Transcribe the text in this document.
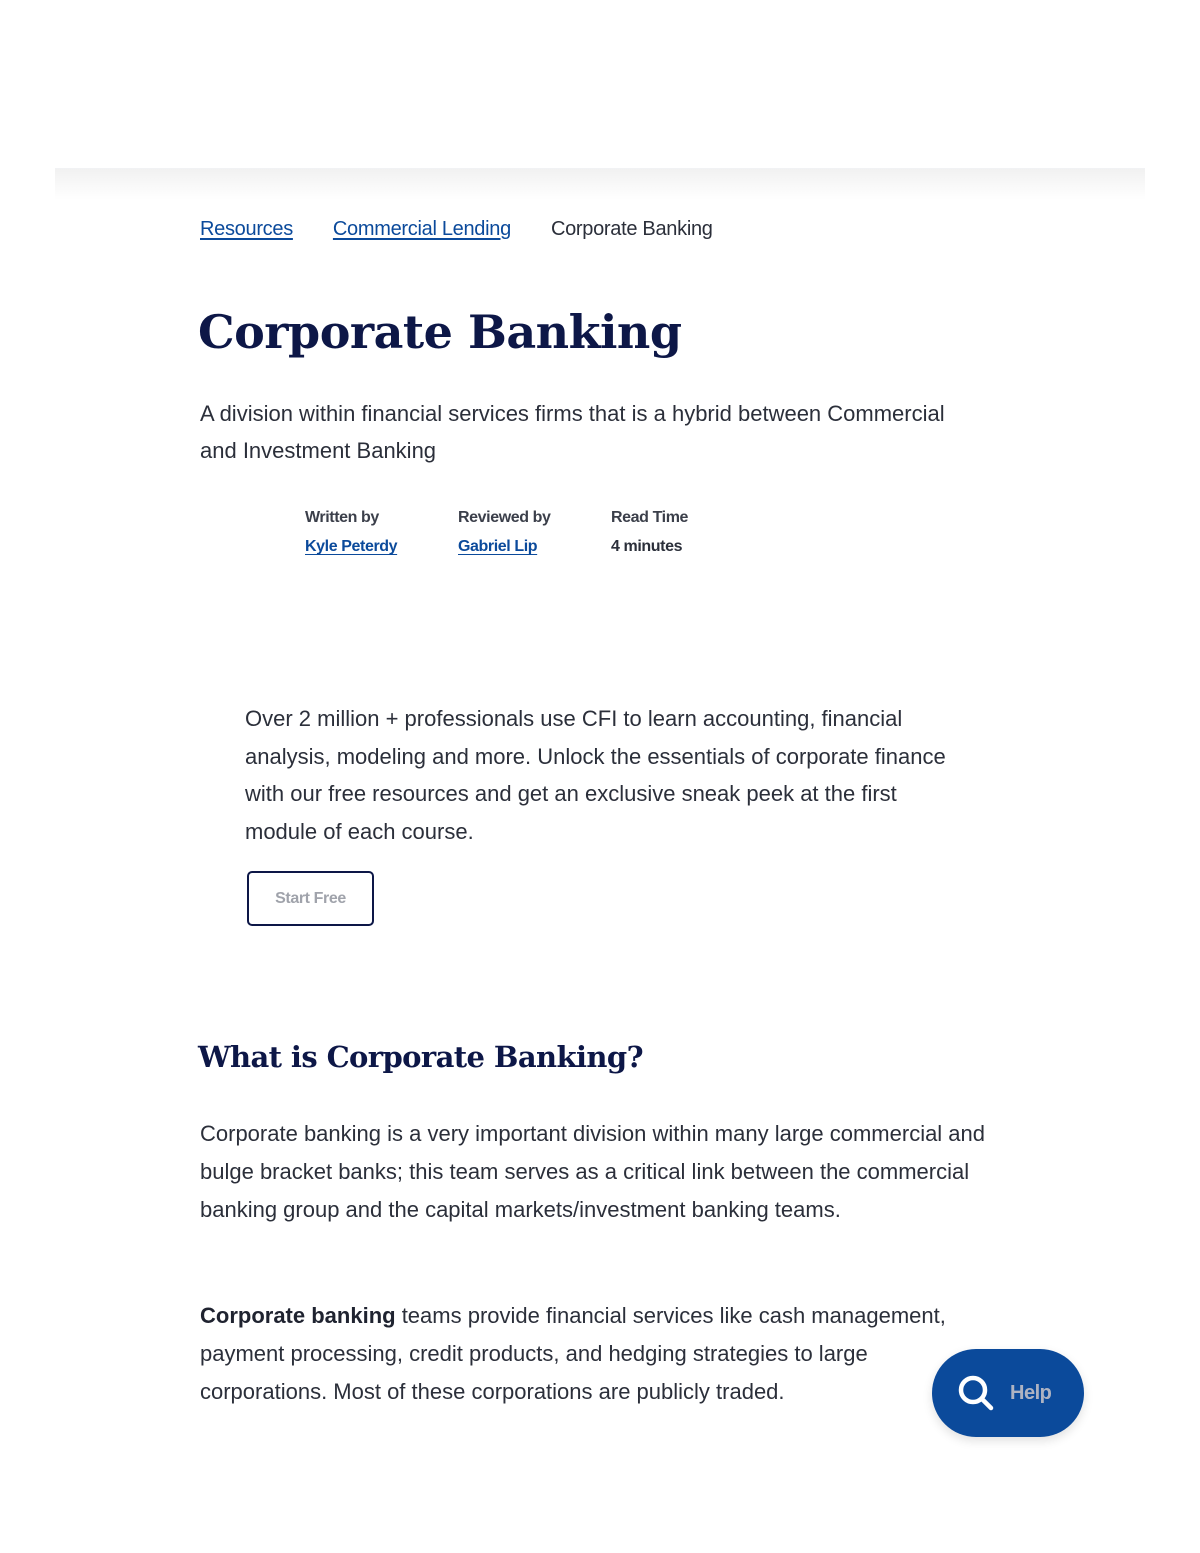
Resources Commercial Lending Corporate Banking
Corporate Banking

A division within financial services firms that is a hybrid between Commercial and Investment Banking

Written by
Kyle Peterdy
Reviewed by
Gabriel Lip
Read Time
4 minutes

Over 2 million + professionals use CFI to learn accounting, financial analysis, modeling and more. Unlock the essentials of corporate finance with our free resources and get an exclusive sneak peek at the first module of each course.

Start Free
What is Corporate Banking?

Corporate banking is a very important division within many large commercial and bulge bracket banks; this team serves as a critical link between the commercial banking group and the capital markets/investment banking teams.

Corporate banking teams provide financial services like cash management, payment processing, credit products, and hedging strategies to large corporations. Most of these corporations are publicly traded.	Help
